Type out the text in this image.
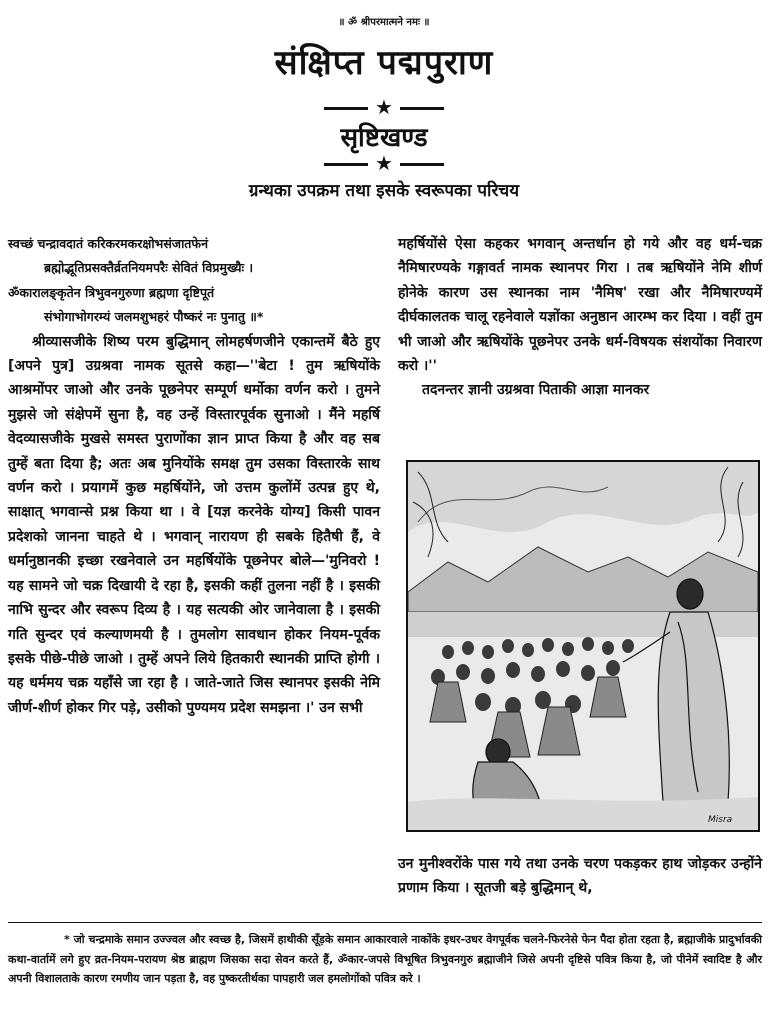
॥ ॐ श्रीपरमात्मने नमः ॥
संक्षिप्त पद्मपुराण
★
सृष्टिखण्ड
★
ग्रन्थका उपक्रम तथा इसके स्वरूपका परिचय

स्वच्छं चन्द्रावदातं करिकरमकरक्षोभसंजातफेनं

ब्रह्मोद्भूतिप्रसक्तैर्व्रतनियमपरैः सेवितं विप्रमुख्यैः ।

ॐकाराल‌ङ्कृतेन त्रिभुवनगुरुणा ब्रह्मणा दृष्टिपूतं

संभोगाभोगरम्यं जलमशुभहरं पौष्करं नः पुनातु ॥*

श्रीव्यासजीके शिष्य परम बुद्धिमान् लोमहर्षणजीने एकान्तमें बैठे हुए [अपने पुत्र] उग्रश्रवा नामक सूतसे कहा—''बेटा ! तुम ऋषियोंके आश्रमोंपर जाओ और उनके पूछनेपर सम्पूर्ण धर्मोका वर्णन करो । तुमने मुझसे जो संक्षेपमें सुना है, वह उन्हें विस्तारपूर्वक सुनाओ । मैंने महर्षि वेदव्यासजीके मुखसे समस्त पुराणोंका ज्ञान प्राप्त किया है और वह सब तुम्हें बता दिया है; अतः अब मुनियोंके समक्ष तुम उसका विस्तारके साथ वर्णन करो । प्रयागमें कुछ महर्षियोंने, जो उत्तम कुलोंमें उत्पन्न हुए थे, साक्षात् भगवान्से प्रश्न किया था । वे [यज्ञ करनेके योग्य] किसी पावन प्रदेशको जानना चाहते थे । भगवान् नारायण ही सबके हितैषी हैं, वे धर्मानुष्ठानकी इच्छा रखनेवाले उन महर्षियोंके पूछनेपर बोले—'मुनिवरो ! यह सामने जो चक्र दिखायी दे रहा है, इसकी कहीं तुलना नहीं है । इसकी नाभि सुन्दर और स्वरूप दिव्य है । यह सत्यकी ओर जानेवाला है । इसकी गति सुन्दर एवं कल्याणमयी है । तुमलोग सावधान होकर नियम-पूर्वक इसके पीछे-पीछे जाओ । तुम्हें अपने लिये हितकारी स्थानकी प्राप्ति होगी । यह धर्ममय चक्र यहाँसे जा रहा है । जाते-जाते जिस स्थानपर इसकी नेमि जीर्ण-शीर्ण होकर गिर पड़े, उसीको पुण्यमय प्रदेश समझना ।' उन सभी

महर्षियोंसे ऐसा कहकर भगवान् अन्तर्धान हो गये और वह धर्म-चक्र नैमिषारण्यके गङ्गावर्त नामक स्थानपर गिरा । तब ऋषियोंने नेमि शीर्ण होनेके कारण उस स्थानका नाम 'नैमिष' रखा और नैमिषारण्यमें दीर्घकालतक चालू रहनेवाले यज्ञोंका अनुष्ठान आरम्भ कर दिया । वहीं तुम भी जाओ और ऋषियोंके पूछनेपर उनके धर्म-विषयक संशयोंका निवारण करो ।''

तदनन्तर ज्ञानी उग्रश्रवा पिताकी आज्ञा मानकर

Misra

उन मुनीश्वरोंके पास गये तथा उनके चरण पकड़कर हाथ जोड़कर उन्होंने प्रणाम किया । सूतजी बड़े बुद्धिमान् थे,

* जो चन्द्रमाके समान उज्ज्वल और स्वच्छ है, जिसमें हाथीकी सूँड़के समान आकारवाले नाकोंके इधर-उधर वेगपूर्वक चलने-फिरनेसे फेन पैदा होता रहता है, ब्रह्माजीके प्रादुर्भावकी कथा-वार्तामें लगे हुए व्रत-नियम-परायण श्रेष्ठ ब्राह्मण जिसका सदा सेवन करते हैं, ॐकार-जपसे विभूषित त्रिभुवनगुरु ब्रह्माजीने जिसे अपनी दृष्टिसे पवित्र किया है, जो पीनेमें स्वादिष्ट है और अपनी विशालताके कारण रमणीय जान पड़ता है, वह पुष्करतीर्थका पापहारी जल हमलोगोंको पवित्र करे ।
